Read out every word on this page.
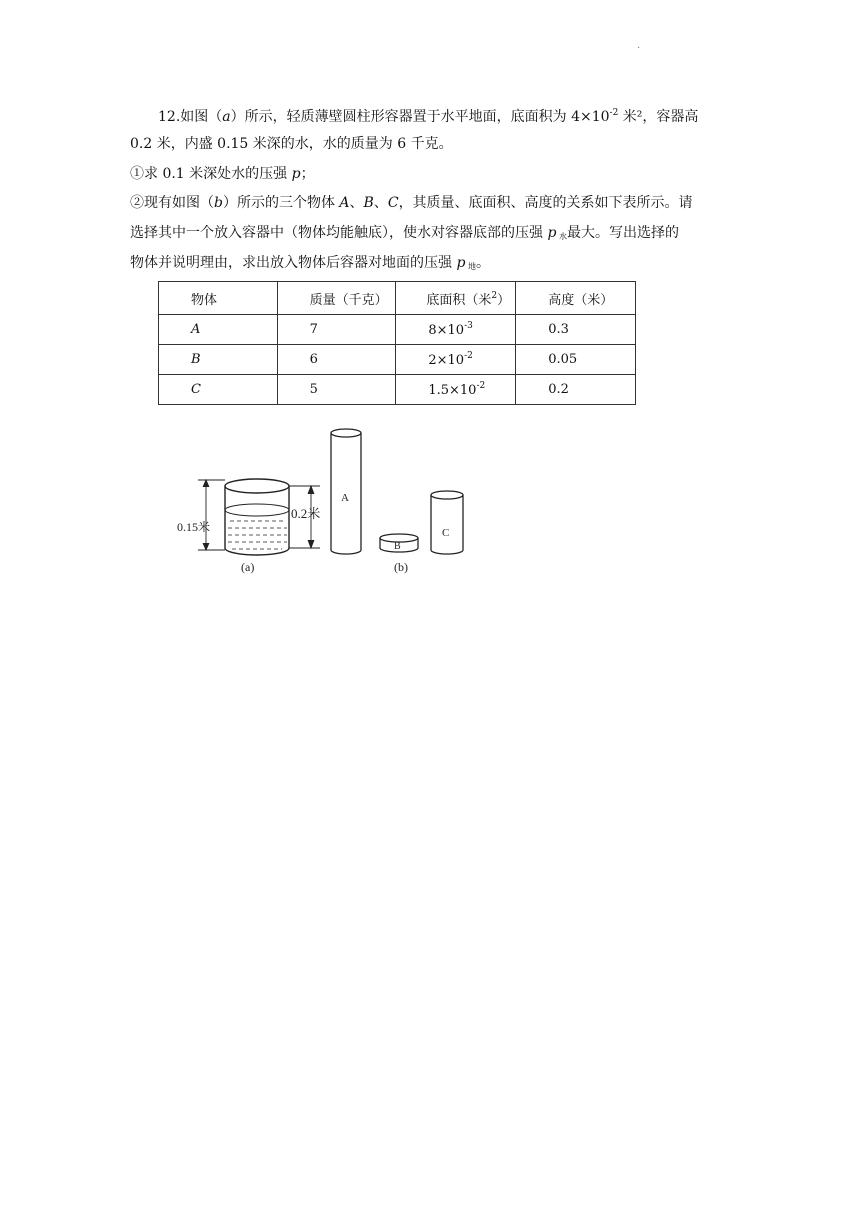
.
12.如图（a）所示，轻质薄壁圆柱形容器置于水平地面，底面积为 $4\times 10^{-2}$ 米²，容器高
0.2 米，内盛 0.15 米深的水，水的质量为 6 千克。
①求 0.1 米深处水的压强 p；
②现有如图（b）所示的三个物体 A、B、C，其质量、底面积、高度的关系如下表所示。请
选择其中一个放入容器中（物体均能触底），使水对容器底部的压强 p $_水$最大。写出选择的
物体并说明理由，求出放入物体后容器对地面的压强 p $_地$。
物体	质量（千克）	底面积（米$^2$）	高度（米）
A	7	$8\times 10^{-3}$	0.3
B	6	$2\times 10^{-2}$	0.05
C	5	$1.5\times 10^{-2}$	0.2
0.15米
0.2米
A
B
C
(a)	(b)
